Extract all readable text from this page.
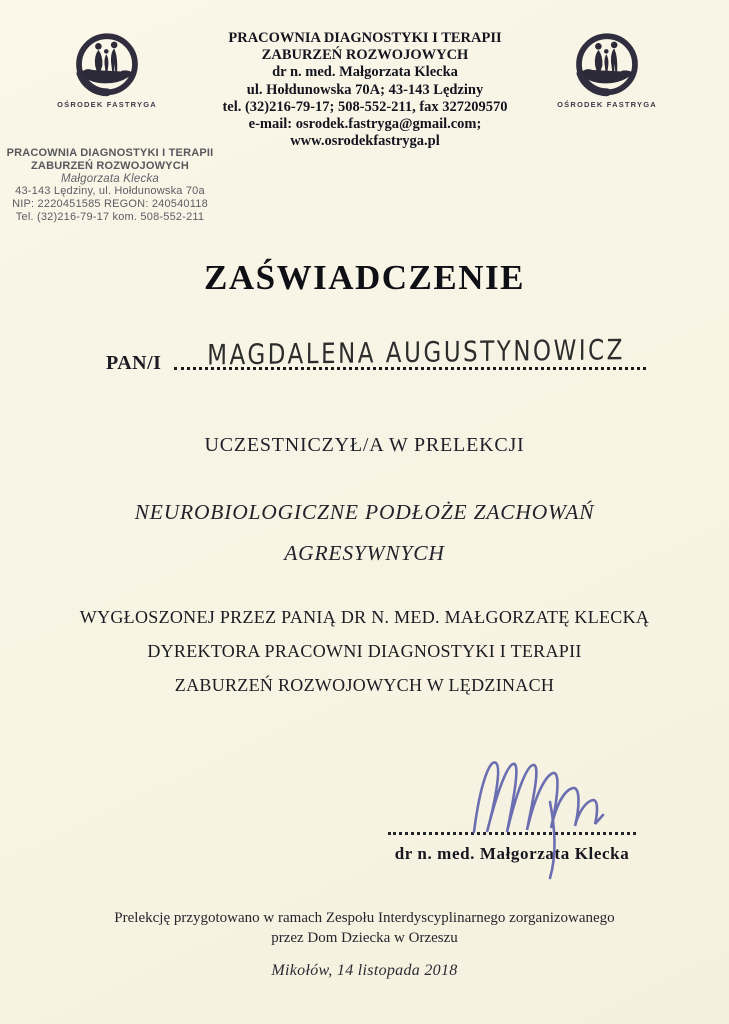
OŚRODEK FASTRYGA
PRACOWNIA DIAGNOSTYKI I TERAPII
ZABURZEŃ ROZWOJOWYCH
dr n. med. Małgorzata Klecka
ul. Hołdunowska 70A; 43-143 Lędziny
tel. (32)216-79-17; 508-552-211, fax 327209570
e-mail: osrodek.fastryga@gmail.com; www.osrodekfastryga.pl
OŚRODEK FASTRYGA
PRACOWNIA DIAGNOSTYKI I TERAPII
ZABURZEŃ ROZWOJOWYCH
Małgorzata Klecka
43-143 Lędziny, ul. Hołdunowska 70a
NIP: 2220451585 REGON: 240540118
Tel. (32)216-79-17 kom. 508-552-211
ZAŚWIADCZENIE
PAN/I	MAGDALENA AUGUSTYNOWICZ
UCZESTNICZYŁ/A W PRELEKCJI
NEUROBIOLOGICZNE PODŁOŻE ZACHOWAŃ
AGRESYWNYCH
WYGŁOSZONEJ PRZEZ PANIĄ DR N. MED. MAŁGORZATĘ KLECKĄ
DYREKTORA PRACOWNI DIAGNOSTYKI I TERAPII
ZABURZEŃ ROZWOJOWYCH W LĘDZINACH
dr n. med. Małgorzata Klecka
Prelekcję przygotowano w ramach Zespołu Interdyscyplinarnego zorganizowanego
przez Dom Dziecka w Orzeszu
Mikołów, 14 listopada 2018
